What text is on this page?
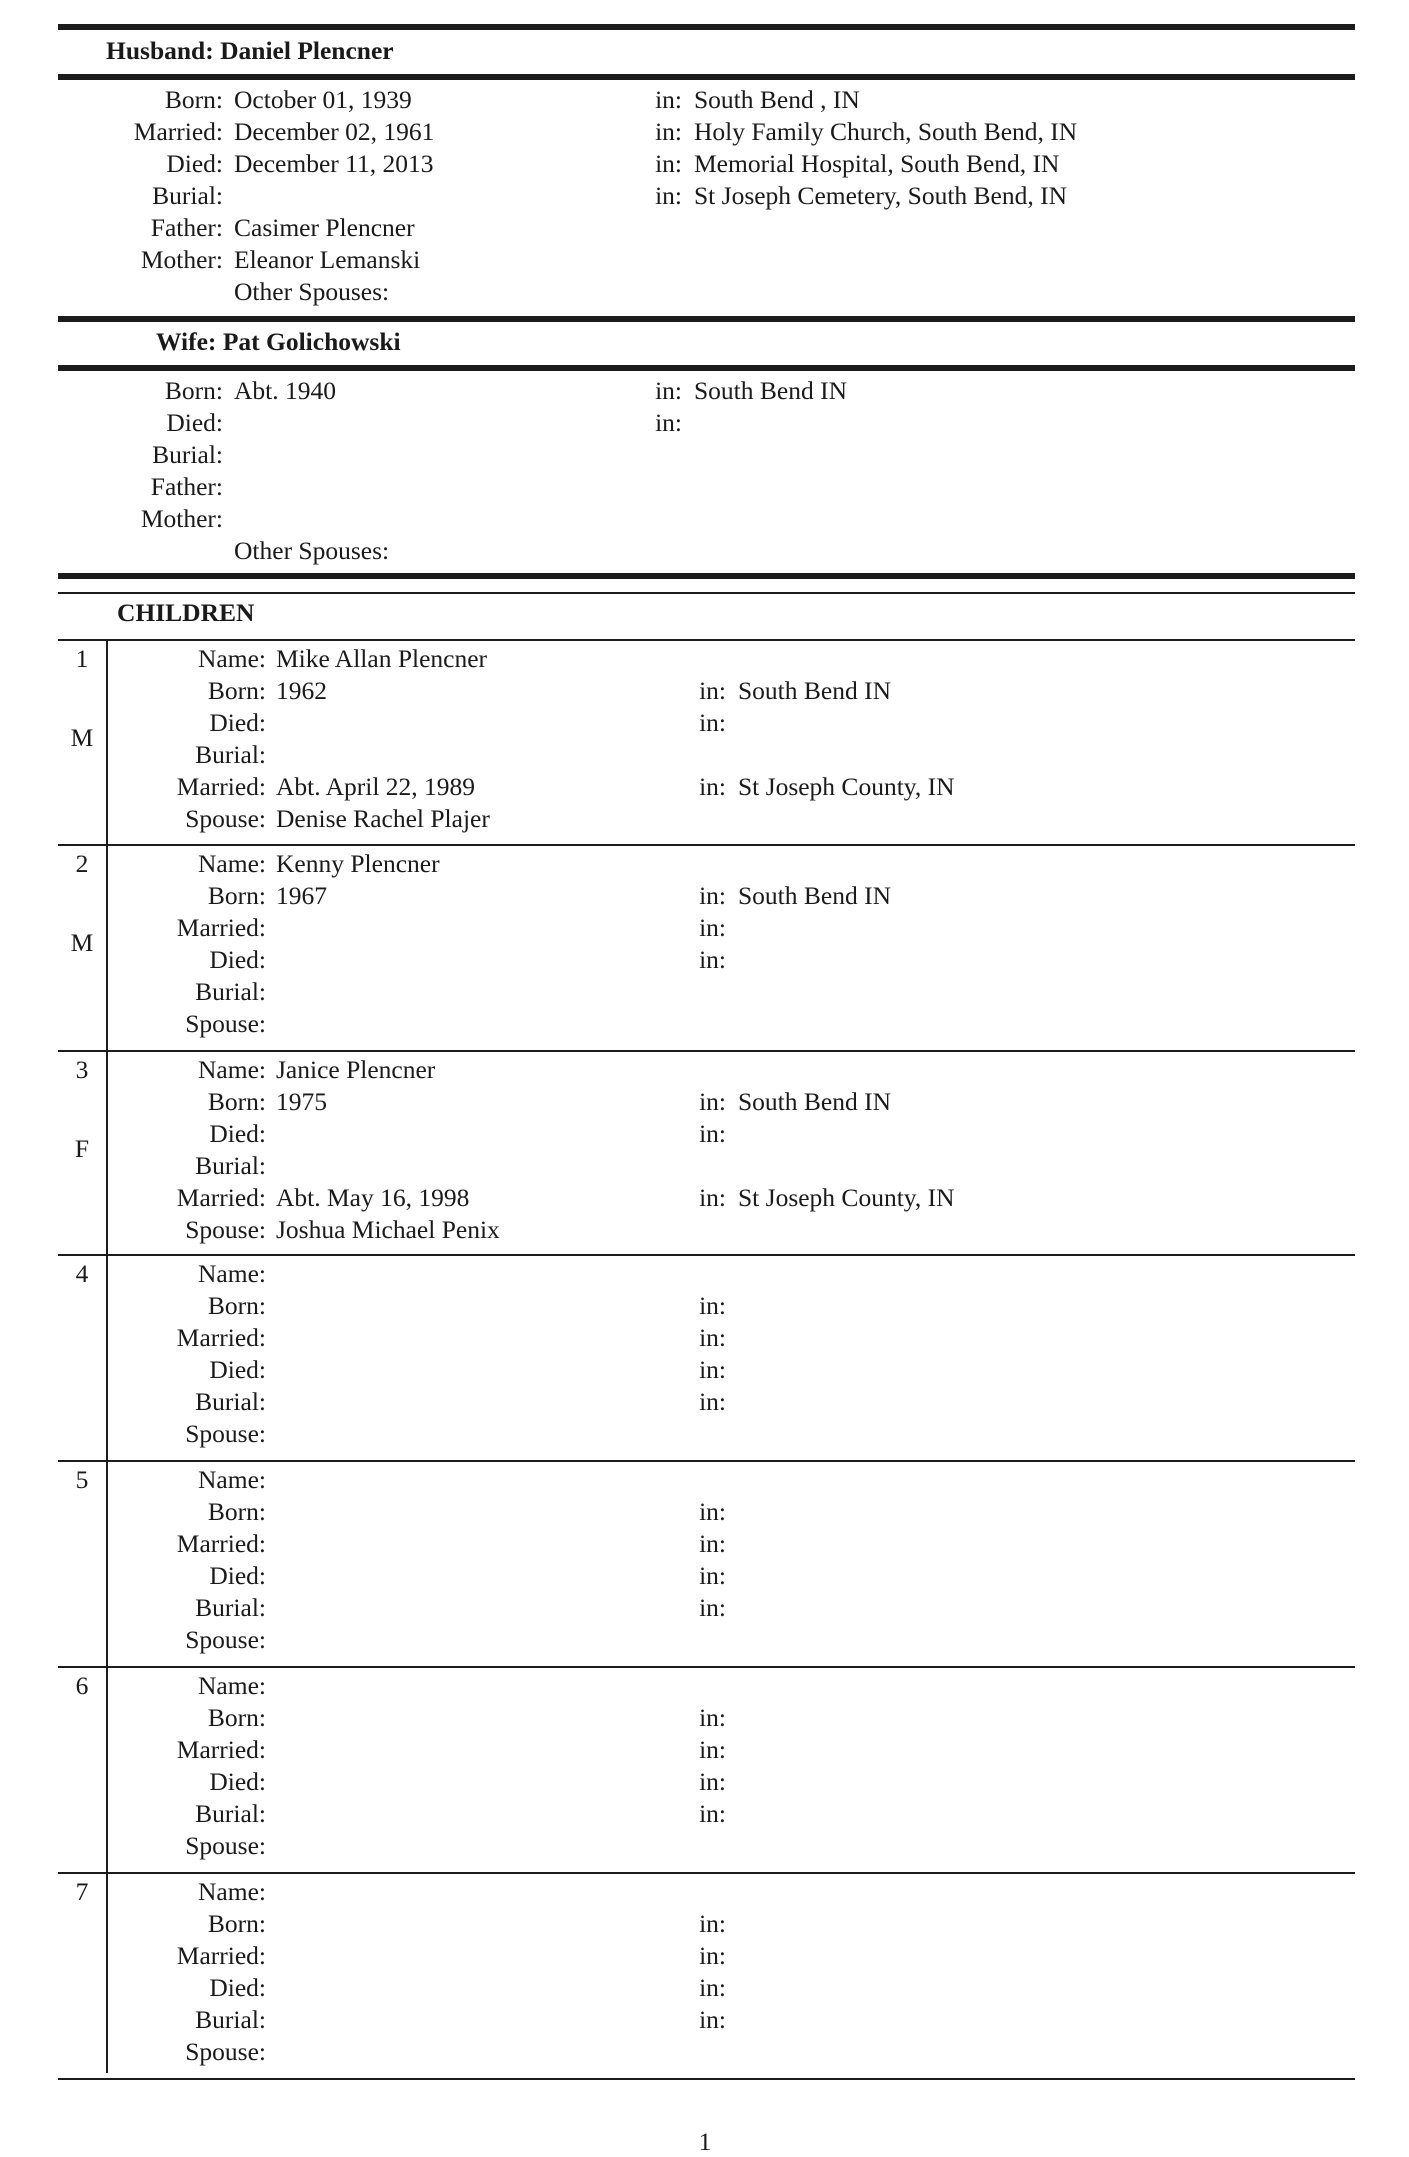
Husband: Daniel Plencner
Born: October 01, 1939	in: South Bend , IN
Married: December 02, 1961	in: Holy Family Church, South Bend, IN
Died: December 11, 2013	in: Memorial Hospital, South Bend, IN
Burial:	in: St Joseph Cemetery, South Bend, IN
Father: Casimer Plencner
Mother: Eleanor Lemanski
Other Spouses:
Wife: Pat Golichowski
Born: Abt. 1940	in: South Bend IN
Died:	in:
Burial:
Father:
Mother:
Other Spouses:
CHILDREN
1
M
Name: Mike Allan Plencner
Born: 1962	in: South Bend IN
Died:	in:
Burial:
Married: Abt. April 22, 1989	in: St Joseph County, IN
Spouse: Denise Rachel Plajer
2
M
Name: Kenny Plencner
Born: 1967	in: South Bend IN
Married:	in:
Died:	in:
Burial:
Spouse:
3
F
Name: Janice Plencner
Born: 1975	in: South Bend IN
Died:	in:
Burial:
Married: Abt. May 16, 1998	in: St Joseph County, IN
Spouse: Joshua Michael Penix
4	Name:
Born:	in:
Married:	in:
Died:	in:
Burial:	in:
Spouse:
5	Name:
Born:	in:
Married:	in:
Died:	in:
Burial:	in:
Spouse:
6	Name:
Born:	in:
Married:	in:
Died:	in:
Burial:	in:
Spouse:
7	Name:
Born:	in:
Married:	in:
Died:	in:
Burial:	in:
Spouse:
1
